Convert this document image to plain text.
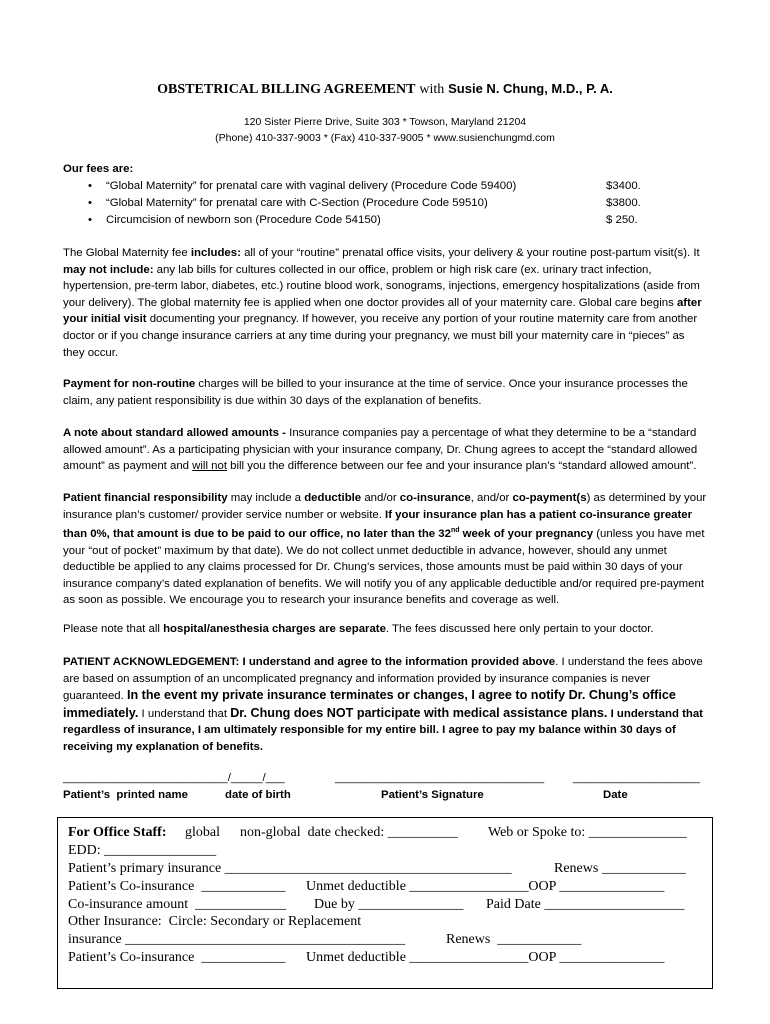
OBSTETRICAL BILLING AGREEMENT with Susie N. Chung, M.D., P. A.
120 Sister Pierre Drive, Suite 303 * Towson, Maryland 21204
(Phone) 410-337-9003 * (Fax) 410-337-9005 * www.susienchungmd.com
Our fees are:
• “Global Maternity” for prenatal care with vaginal delivery (Procedure Code 59400)	$3400.
• “Global Maternity” for prenatal care with C-Section (Procedure Code 59510)	$3800.
• Circumcision of newborn son (Procedure Code 54150)	$ 250.
The Global Maternity fee includes: all of your “routine” prenatal office visits, your delivery & your routine post-partum visit(s). It may not include: any lab bills for cultures collected in our office, problem or high risk care (ex. urinary tract infection, hypertension, pre-term labor, diabetes, etc.) routine blood work, sonograms, injections, emergency hospitalizations (aside from your delivery). The global maternity fee is applied when one doctor provides all of your maternity care. Global care begins after your initial visit documenting your pregnancy. If however, you receive any portion of your routine maternity care from another doctor or if you change insurance carriers at any time during your pregnancy, we must bill your maternity care in “pieces” as they occur.
Payment for non-routine charges will be billed to your insurance at the time of service. Once your insurance processes the claim, any patient responsibility is due within 30 days of the explanation of benefits.
A note about standard allowed amounts - Insurance companies pay a percentage of what they determine to be a “standard allowed amount”. As a participating physician with your insurance company, Dr. Chung agrees to accept the “standard allowed amount” as payment and will not bill you the difference between our fee and your insurance plan’s “standard allowed amount”.
Patient financial responsibility may include a deductible and/or co-insurance, and/or co-payment(s) as determined by your insurance plan’s customer/ provider service number or website. If your insurance plan has a patient co-insurance greater than 0%, that amount is due to be paid to our office, no later than the 32nd week of your pregnancy (unless you have met your “out of pocket” maximum by that date). We do not collect unmet deductible in advance, however, should any unmet deductible be applied to any claims processed for Dr. Chung’s services, those amounts must be paid within 30 days of your insurance company’s dated explanation of benefits. We will notify you of any applicable deductible and/or required pre-payment as soon as possible. We encourage you to research your insurance benefits and coverage as well.
Please note that all hospital/anesthesia charges are separate. The fees discussed here only pertain to your doctor.
PATIENT ACKNOWLEDGEMENT: I understand and agree to the information provided above. I understand the fees above are based on assumption of an uncomplicated pregnancy and information provided by insurance companies is never guaranteed. In the event my private insurance terminates or changes, I agree to notify Dr. Chung’s office immediately. I understand that Dr. Chung does NOT participate with medical assistance plans. I understand that regardless of insurance, I am ultimately responsible for my entire bill. I agree to pay my balance within 30 days of receiving my explanation of benefits.
__________________________/_____/___	_________________________________	____________________
Patient’s  printed name	date of birth	Patient’s Signature	Date

For Office Staff:

global

non-global  date checked: __________

Web or Spoke to: ______________

EDD: ________________

Patient’s primary insurance _________________________________________

	Renews ____________

Patient’s Co-insurance  ____________

Unmet deductible _________________OOP _______________

Co-insurance amount  _____________

Due by _______________

Paid Date ____________________

Other Insurance:  Circle: Secondary or Replacement

insurance ________________________________________

	Renews  ____________

Patient’s Co-insurance  ____________

Unmet deductible _________________OOP _______________
